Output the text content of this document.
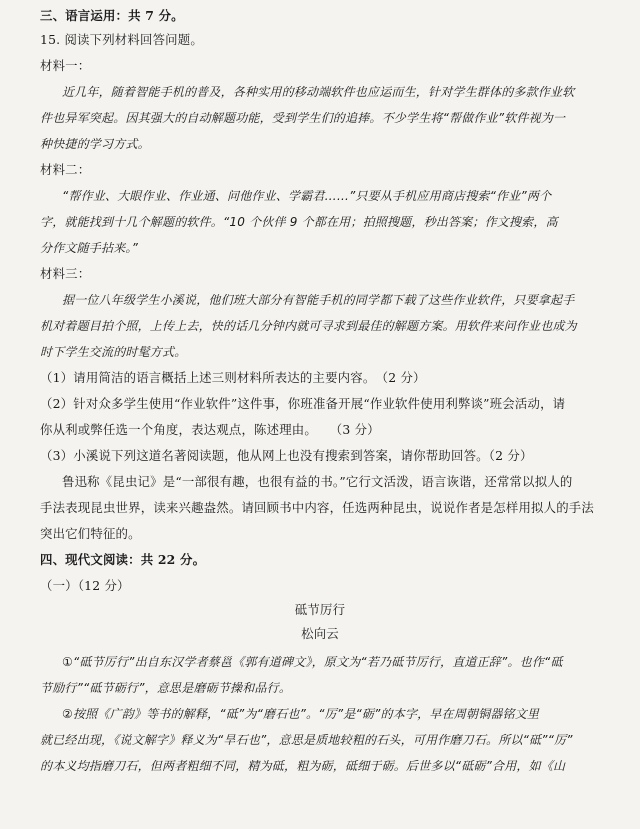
三、语言运用：共 7 分。
15. 阅读下列材料回答问题。
材料一：
近几年，随着智能手机的普及，各种实用的移动端软件也应运而生，针对学生群体的多款作业软
件也异军突起。因其强大的自动解题功能，受到学生们的追捧。不少学生将“帮做作业”软件视为一
种快捷的学习方式。
材料二：
“帮作业、大眼作业、作业通、问他作业、学霸君……”只要从手机应用商店搜索“作业”两个
字，就能找到十几个解题的软件。“10 个伙伴 9 个都在用；拍照搜题，秒出答案；作文搜索，高
分作文随手拈来。”
材料三：
据一位八年级学生小溪说，他们班大部分有智能手机的同学都下载了这些作业软件，只要拿起手
机对着题目拍个照，上传上去，快的话几分钟内就可寻求到最佳的解题方案。用软件来问作业也成为
时下学生交流的时髦方式。
（1）请用简洁的语言概括上述三则材料所表达的主要内容。　（2 分）
（2）针对众多学生使用“作业软件”这件事，你班准备开展“作业软件使用利弊谈”班会活动，请
你从利或弊任选一个角度，表达观点，陈述理由。　　（3 分）
（3）小溪说下列这道名著阅读题，他从网上也没有搜索到答案，请你帮助回答。（2 分）
鲁迅称《昆虫记》是“一部很有趣，也很有益的书。”它行文活泼，语言诙谐，还常常以拟人的
手法表现昆虫世界，读来兴趣盎然。请回顾书中内容，任选两种昆虫，说说作者是怎样用拟人的手法
突出它们特征的。
四、现代文阅读：共 22 分。
（一）（12 分）
砥节厉行
松向云
①“砥节厉行”出自东汉学者蔡邕《郭有道碑文》，原文为“若乃砥节厉行，直道正辞”。也作“砥
节励行”“砥节砺行”，意思是磨砺节操和品行。
②按照《广韵》等书的解释，“砥”为“磨石也”。“厉”是“砺”的本字，早在周朝铜器铭文里
就已经出现，《说文解字》释义为“旱石也”，意思是质地较粗的石头，可用作磨刀石。所以“砥”“厉”
的本义均指磨刀石，但两者粗细不同，精为砥，粗为砺，砥细于砺。后世多以“砥砺”合用，如《山
